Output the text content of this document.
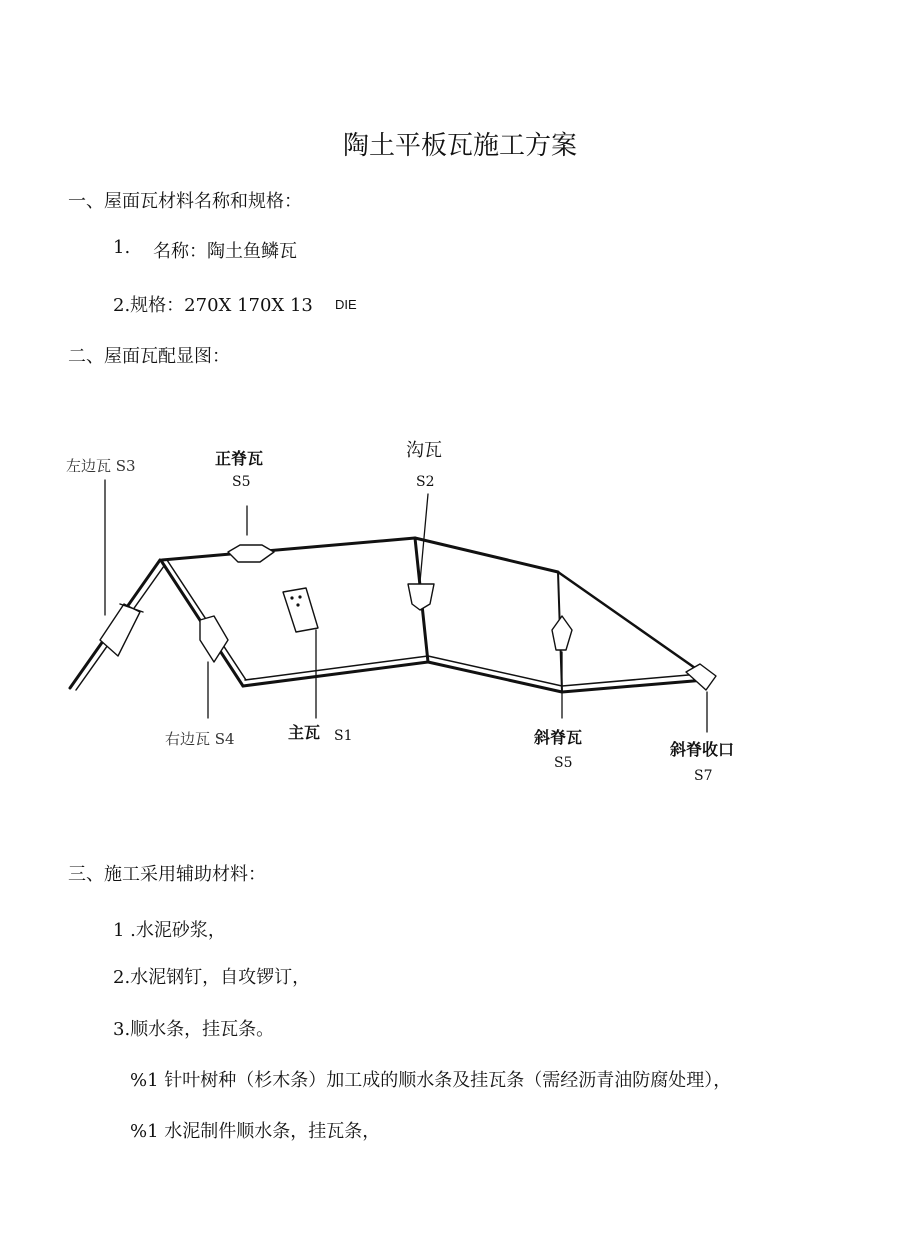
陶土平板瓦施工方案
一、屋面瓦材料名称和规格：
1. 名称：陶土鱼鳞瓦
2.规格：270X 170X 13 DIE
二、屋面瓦配显图：
左边瓦 S3	正脊瓦
S5
沟瓦
S2
右边瓦 S4	主瓦 S1	斜脊瓦
S5
斜脊收口
S7
三、施工采用辅助材料：
1 .水泥砂浆，
2.水泥钢钉，自攻锣订，
3.顺水条，挂瓦条。
%1 针叶树种（杉木条）加工成的顺水条及挂瓦条（需经沥青油防腐处理），
%1 水泥制件顺水条，挂瓦条，
